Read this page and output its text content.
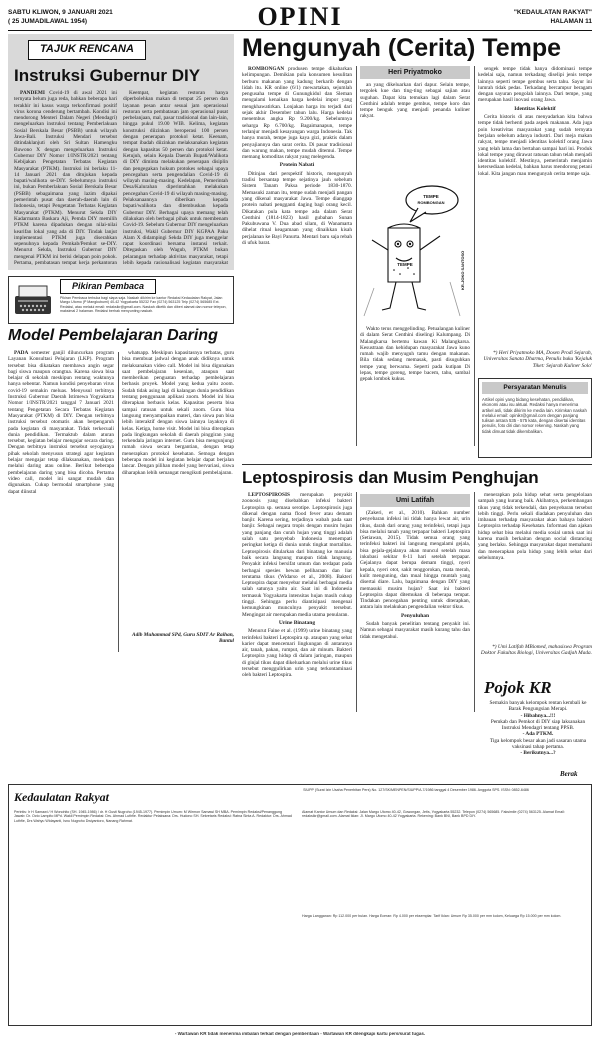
SABTU KLIWON, 9 JANUARI 2021
( 25 JUMADILAWAL 1954)	OPINI	"KEDAULATAN RAKYAT"
HALAMAN 11
TAJUK RENCANA
Instruksi Gubernur DIY

PANDEMI Covid-19 di awal 2021 ini ternyata belum juga reda, bahkan beberapa hari terakhir ini kasus warga terkonfirmasi positif virus korona cenderung bertambah. Kondisi ini mendorong Menteri Dalam Negeri (Mendagri) mengeluarkan instruksi tentang Pemberlakuan Sosial Berskala Besar (PSBB) untuk wilayah Jawa-Bali. Instruksi Mendari tersebut ditindaklanjuti oleh Sri Sultan Hamengku Buwono X dengan mengeluarkan Instruksi Gubernur DIY Nomor 1/INSTR/2021 tentang Kebijakan Pengetatan Terbatas Kegiatan Masyarakat (PTKM). Instruksi ini berlaku 11-14 Januari 2021 dan ditujukan kepada bupati/walikota se-DIY. Sebelumnya instruksi ini, bukan Pemberlakuan Sosial Berskala Besar (PSBB) sebagaimana yang lazim dipakai pemerintah pusat dan daerah-daerah lain di Indonesia, tetapi Pengetatan Terbatas Kegiatan Masyarakat (PTKM). Menurut Sekda DIY Kadarmanta Baskara Aji, Pemda DIY memilih PTKM karena dipadukan dengan nilai-nilai kearifan lokal yang ada di DIY. Tindak lanjut implementasi PTKM juga diserahkan sepenuhnya kepada Pemkab/Pemkot se-DIY. Menurut Sekda, Instruksi Gubernur DIY mengenai PTKM ini berisi delapan poin pokok. Pertama, pembatasan tempat kerja perkantoran

Keempat, kegiatan restoran hanya diperbolehkan makan di tempat 25 persen dan layanan pesan antar sesuai jam operasional restoran serta pembatasan jam operasional pusat perbelanjaan, mal, pasar tradisional dan lain-lain, hingga pukul 19.00 WIB. Kelima, kegiatan konstruksi diizinkan beroperasi 100 persen dengan penerapan protokol ketat. Keenam, tempat ibadah diizinkan melaksanakan kegiatan dengan kapasitas 50 persen dan protokol ketat. Ketujuh, selain Kepala Daerah Bupati/Walikota di DIY diminta melakukan penerapan disiplin dan pengegakan hukum protokes sebagai upaya pencegahan serta pengendalian Covid-19 di wilayah masing-masing. Kedelapan, Pemerintah Desa/Kalurahan diperintahkan melakukan pencegahan Covid-19 di wilayah masing-masing. Pelaksanaannya diberikan kepada bupati/walikota dan ditembuskan kepada Gubernur DIY. Berbagai upaya memang telah dilakukan oleh berbagai pihak untuk membenam Covid-19. Sebelum Gubernur DIY mengeluarkan instruksi, Wakil Gubernur DIY KGPAA Paku Alam X didampingi Sekda DIY juga menggelar rapat koordinasi bersama instansi terkait. Ditegaskan oleh Wagub, PTKM bukan pelarangan terhadap aktivitas masyarakat, tetapi lebih kepada rasionalisasi kegiatan masyarakat

Pikiran Pembaca
Pikiran Pembaca terbuka bagi siapa saja. Naskah dikirim ke kantor Redaksi Kedaulatan Rakyat, Jalan Margo Utomo (P Mangkubumi) 40-42 Yogyakarta 55232 Fax (0274) 563125 Telp (0274) 565685 Ext. Redaksi, atau melalui email: redaksikr@gmail.com. Naskah diketik dan diberi alamat dan nomor telepon, maksimal 2 halaman. Redaksi berhak menyunting naskah.
Model Pembelajaran Daring

PADA semester ganjil diluncurkan program Layanan Konsultasi Pelajaran (LKP). Program tersebut bisa dikatakan membawa angin segar bagi siswa maupun orangtua. Karena siswa bisa belajar di sekolah meskipun rentang waktunya hanya sebentar. Namun kondisi penyebaran virus covid-19 semakin meluas. Menyusul terbitnya Instruksi Gubernur Daerah Istimewa Yogyakarta Nomor 1/INSTR/2021 tanggal 7 Januari 2021 tentang Pengetatan Secara Terbatas Kegiatan Masyarakat (PTKM) di DIY. Dengan terbitnya instruksi tersebut otomatis akan berpengaruh pada kegiatan di masyarakat. Tidak terkecuali dunia pendidikan. Termaktub dalam aturan tersebut, kegiatan belajar mengajar secara daring. Dengan terbitnya instruksi tersebut seyogianya pihak sekolah menyusun strategi agar kegiatan belajar mengajar tetap dilaksanakan, meskipun melalui daring atau online. Berikut beberapa pembelajaran daring yang bisa dicoba. Pertama video call, model ini sangat mudah dan digunakan. Cukup bermodal smartphone yang dapat diinstal

whatsapp. Meskipun kapasitasnya terbatas, guru bisa membuat jadwal dengan anak didiknya untuk melaksanakan video call. Model ini bisa digunakan saat pembelajaran kesenian, ataupun saat memberikan penguatan terhadap pembelajaran berbasis proyek. Model yang kedua yaitu zoom. Sudah tidak asing lagi di kalangan dunia pendidikan tentang penggunaan aplikasi zoom. Model ini bisa diterapkan berbasis kelas. Kapasitas peserta bisa sampai ratusan untuk sekali zoom. Guru bisa langsung menyampaikan materi, dan siswa pun bisa lebih interaktif dengan siswa lainnya layaknya di kelas. Ketiga, home visit. Model ini bisa diterapkan pada lingkungan sekolah di daerah pinggiran yang terkendala jaringan internet. Guru bisa mengunjungi rumah siswa secara bergantian, dengan tetap menerapkan protokol kesehatan. Semoga dengan beberapa model ini kegiatan belajar dapat berjalan lancar. Dengan pilihan model yang bervariasi, siswa diharapkan lebih semangat mengikuti pembelajaran.

Adib Muhammad SPd, Guru SDIT Ar Raihan, Bantul
Mengunyah (Cerita) Tempe

ROMBONGAN produsen tempe dikabarkan kelimpungan. Demikian pula konsumen kesulitan berburu makanan yang kadung berkarib dengan lidah itu. KR online (6/1) mewartakan, sejumlah pengusaha tempe di Gunungkidul dan Sleman mengalami kenaikan harga kedelai impor yang mengkhawatirkan. Lonjakan harga itu terjadi dari sejak akhir Desember tahun lalu. Harga kedelai menembus angka Rp 9.200/kg. Sebelumnya seharga Rp 6.700/kg. Bagaimanapun, tempe terlanjur menjadi kesayangan warga Indonesia. Tak hanya murah, tempe juga kaya gizi, praktis dalam penyajiannya dan sarat cerita. Di pasar tradisional dan warung makan, tempe mudah ditemui. Tempe memang komoditas rakyat yang melegenda.

Protein Nabati

Ditinjau dari perspektif historis, mengunyah tradisi bersantap tempe sejatinya jauh sebelum Sistem Tanam Paksa periode 1830-1870. Memasuki zaman itu, tempe sudah menjadi pangan yang dikenal masyarakat Jawa. Tempe dianggap protein nabati pengganti daging bagi orang kecil. Dikatakan pula kata tempe ada dalam Serat Centhini (1814-1823) hasil gubahan Sunan Pakubuwana V. Dua abad silam, di Wanamarta dihelat ritual keagamaan yang dinaikkan kisah perjalanan ke Bayi Panurta. Mentari baru saja rebah di ufuk barat.

Heri Priyatmoko

an yang dikeluarkan dari dapur. Selain tempe, tergolek kue dan ting-ting sebagai sajian atau suguhan. Dapat kita temukan lagi dalam Serat Centhini adalah tempe gembus, tempe koro dan tempe benguk yang menjadi penanda kuliner rakyat.

TEMPE
ROMBONGAN
TEMPE	KR-JOKO SANTOSO

Wakto terus menggelinding. Petualangan kuliner di dalam Serat Centhini diselingi Kalumpang. Di Malangkarsa bertemu kawan Ki Malangkarsa. Kesustraan dan kehidupan masyarakat Jawa kuno rumah wajib menyuguh tamu dengan makanan. Bila tidak sedang memasak, pasti disuguhkan tempe yang berwarna. Seperti pada kutipan Di lepas, tempe goreng, tempe bacem, tahu, sambal gepak lombok kukus.

sengek tempe tidak hanya didominasi tempe kedelai saja, namun terkadang diselipi jenis tempe lainnya seperti tempe gembus serta tahu. Sayur ini lumrah tidak pedas. Terkadang bercampur beragam dengan sayuran pengolah lainnya. Dari tempe, yang merupakan hasil inovasi orang Jawa.

Identitas Kolektif

Cerita historis di atas menyadarkan kita bahwa tempe tidak berhenti pada aspek makanan. Ada juga poin kreativitas masyarakat yang sudah ternyata berjalan sebelum adanya industri. Dari meja makan rakyat, tempe menjadi identitas kolektif orang Jawa yang telah lama dan bertahan sampai hari ini. Produk lokal tempe yang dirawat ratusan tahun telah menjadi identitas kolektif. Mestinya, pemerintah menjamin ketersediaan kedelai, bahkan harus mendorong petani lokal. Kita jangan mau mengunyah cerita tempe saja.

*) Heri Priyatmoko MA, Dosen Prodi Sejarah, Universitas Sanata Dharma, Penulis buku 'Kejaluk Tiket: Sejarah Kuliner Solo'
Persyaratan Menulis
Artikel opini yang bidang kesehatan, pendidikan, ekonomi atau isu aktual. Redaksi hanya menerima artikel asli, tidak dikirim ke media lain. Kirimkan naskah melalui email: opinikr@gmail.com dengan panjang tulisan antara 535 - 575 kata, dengan disertai identitas penulis, foto diri dan nomor rekening. Naskah yang tidak dimuat tidak dikembalikan.
Leptospirosis dan Musim Penghujan

LEPTOSPIROSIS merupakan penyakit zoonosis yang disebabkan infeksi bakteri Leptospira sp. semasa serotipe. Leptospirosis juga dikenal dengan nama flood fever atau demam banjir. Karena sering, terjadinya wabah pada saat banjir. Sebagai negara tropis dengan musim hujan yang panjang dan curah hujan yang tinggi adalah salah satu penyebab Indonesia menempati peringkat ketiga di dunia untuk tingkat mortalitas. Leptospirosis ditularkan dari binatang ke manusia baik secara langsung maupun tidak langsung. Penyakit infeksi bersifat umum dan terdapat pada berbagai spesies hewan peliharaan dan liar terutama tikus (Widarso et al., 2008). Bakteri Leptospira dapat menyebar melalui berbagai media salah satunya yaitu air. Saat ini di Indonesia termasuk Yogyakarta intensitas hujan masih cukup tinggi. Sehingga perlu diantisipasi mengenai kemungkinan munculnya penyakit tersebut. Mengingat air merupakan media utama penularan.

Urine Binatang

Menurut Faine et al. (1999) urine binatang yang terinfeksi bakteri Leptospira sp. ataupun yang sehat karier dapat mencemari lingkungan di antaranya air, tanah, pakan, rumput, dan air minum. Bakteri Leptospira yang hidup di dalam jaringan, maupun di ginjal tikus dapat dikeluarkan melalui urine tikus tersebut menggulirkan urin yang terkontaminasi oleh bakteri Leptospira.

Umi Latifah

(Zakeri, et al., 2010). Bahkan number penyebaran infeksi ini tidak hanya lewat air, urin tikus, darah dari orang yang terinfeksi, tetapi juga bisa melalui tanah yang terpapar bakteri Leptospira (Setiawan, 2015). Tidak semua orang yang terinfeksi bakteri ini langsung mengalami gejala, bisa gejala-gejalanya akan muncul setelah masa inkubasi sekitar 8-11 hari setelah terpapar. Gejalanya dapat berupa demam tinggi, nyeri kepala, nyeri otot, sakit tenggorokan, mata merah, kulit menguning, dan mual hingga muntah yang disertai diare. Lalu, bagaimana dengan DIY yang memasuki musim hujan? Saat ini bakteri Leptospira dapat ditemukan di beberapa tempat. Tindakan pencegahan penting untuk diterapkan, antara lain melakukan pengendalian vektor tikus.

Penyuluhan

Sudah banyak penelitian tentang penyakit ini. Namun sebagai masyarakat masih kurang tahu dan tidak mengetahui.

menerapkan pola hidup sehat serta pengelolaan sampah yang kurang baik. Akibatnya, perkembangan tikus yang tidak terkendali, dan penyebaran tersebut lebih tinggi. Perlu sekali diadakan penyuluhan dan imbauan terhadap masyarakat akan bahaya bakteri Leptospira terhadap Kesehatan. Informasi dan ajakan hidup sehat bisa melalui media sosial untuk saat ini karena masih berkaitan dengan social distancing yang berlaku. Sehingga masyarakat dapat memahami dan menerapkan pola hidup yang lebih sehat dari sebelumnya.

*) Umi Latifah MBiomed, mahasiswa Program Doktor Fakultas Biologi, Universitas Gadjah Mada.
Pojok KR
Semakin banyak kelompok rentan kembali ke Barak Pengungsian Merapi.
- Hibahnya...!!!
Pemkab dan Pemkot di DIY siap laksanakan Instruksi Mendagri tentang PPSB.
- Ada PTKM.
Tiga kelompok besar akan jadi sasaran utama vaksinasi tahap pertama.
- Berikutnya...?
Berak
Kedaulatan Rakyat	SIUPP (Surat Izin Usaha Penerbitan Pers) No. 127/SK/MENPEN/SIUPP/A.7/1986 tanggal 4 Desember 1986. Anggota SPS. ISSN: 0852-6486
Perintis: Ir H Samawi / H Wonohito (SH. 1945-1986) / dr. H Gusti Nugroho (1945-1977). Pemimpin Umum: M Wirmon Samawi SH MBA. Pemimpin Redaksi/Penanggung Jawab: Dr. Octo Lampito MPd. Wakil Pemimpin Redaksi: Drs. Ahmad Luthfie. Redaktur Pelaksana: Drs. Hudono SH. Sekretaris Redaksi: Ratna Sinta A. Redaktur: Drs. Ahmad Luthfie, Drs Wahyu Widayanti, Isnu Nugroho Dwiyantoro, Nanang Rahmat.
Alamat Kantor Umum dan Redaksi: Jalan Margo Utomo 40-42, Gowongan, Jetis, Yogyakarta 55232. Telepon (0274) 565685. Faksimile (0274) 563125. Alamat Email: redaksikr@gmail.com. Alamat Iklan: Jl. Margo Utomo 40-42 Yogyakarta. Rekening: Bank BNI, Bank BPD DIY.
Harga Langganan: Rp 112.000 per bulan. Harga Eceran: Rp 4.000 per eksemplar. Tarif Iklan: Umum Rp 35.000 per mm kolom, Keluarga Rp 15.000 per mm kolom.
- Wartawan KR tidak menerima imbalan terkait dengan pemberitaan - Wartawan KR dilengkapi kartu pers/surat tugas.
